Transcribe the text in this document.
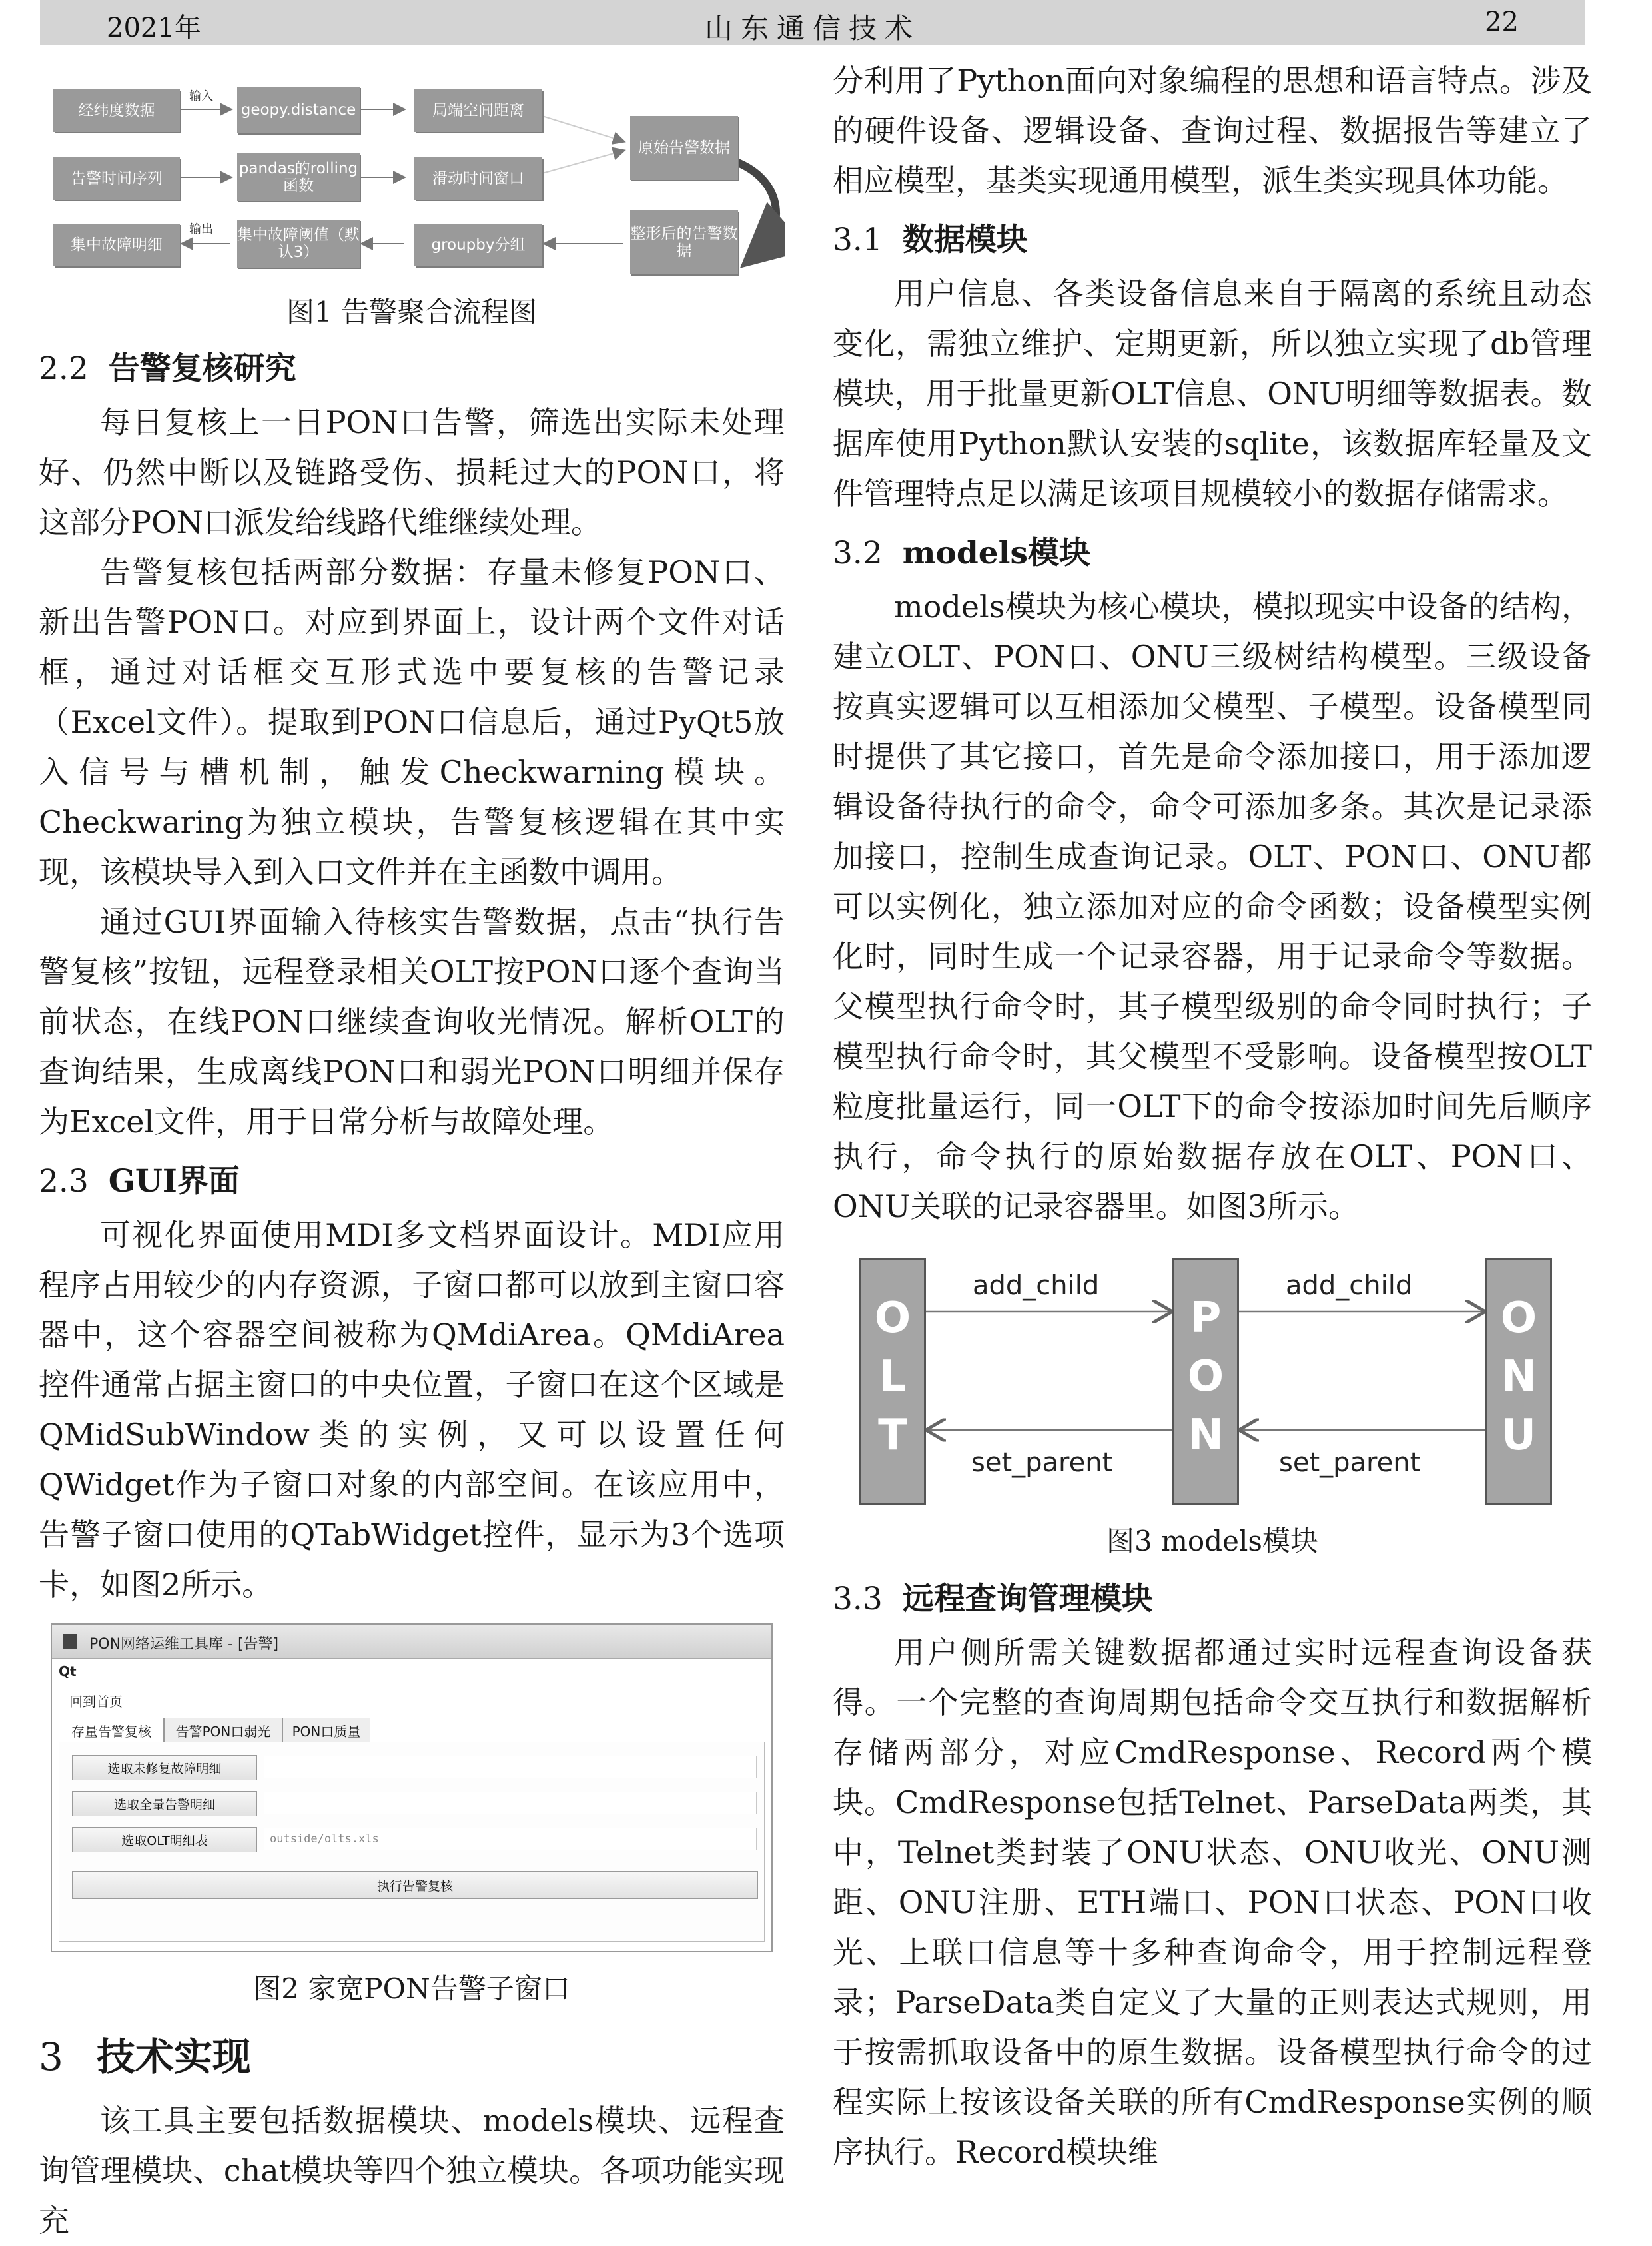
山东通信技术
2021年	22
经纬度数据
输入
geopy.distance	局端空间距离
告警时间序列
pandas的rolling函数	滑动时间窗口
原始告警数据
集中故障明细
输出 集中故障阈值（默认3）	groupby分组
整形后的告警数据
图1 告警聚合流程图
2.2 告警复核研究

每日复核上一日PON口告警，筛选出实际未处理好、仍然中断以及链路受伤、损耗过大的PON口，将这部分PON口派发给线路代维继续处理。

告警复核包括两部分数据：存量未修复PON口、新出告警PON口。对应到界面上，设计两个文件对话框，通过对话框交互形式选中要复核的告警记录（Excel文件）。提取到PON口信息后，通过PyQt5放入信号与槽机制，触发Checkwarning模块。Checkwaring为独立模块，告警复核逻辑在其中实现，该模块导入到入口文件并在主函数中调用。

通过GUI界面输入待核实告警数据，点击“执行告警复核”按钮，远程登录相关OLT按PON口逐个查询当前状态，在线PON口继续查询收光情况。解析OLT的查询结果，生成离线PON口和弱光PON口明细并保存为Excel文件，用于日常分析与故障处理。

2.3 GUI界面

可视化界面使用MDI多文档界面设计。MDI应用程序占用较少的内存资源，子窗口都可以放到主窗口容器中，这个容器空间被称为QMdiArea。QMdiArea控件通常占据主窗口的中央位置，子窗口在这个区域是QMidSubWindow类的实例，又可以设置任何QWidget作为子窗口对象的内部空间。在该应用中，告警子窗口使用的QTabWidget控件，显示为3个选项卡，如图2所示。

PON网络运维工具库 - [告警]
Qt
回到首页
存量告警复核	告警PON口弱光	PON口质量
选取未修复故障明细
选取全量告警明细
选取OLT明细表	outside/olts.xls
执行告警复核
图2 家宽PON告警子窗口
3 技术实现

该工具主要包括数据模块、models模块、远程查询管理模块、chat模块等四个独立模块。各项功能实现充

分利用了Python面向对象编程的思想和语言特点。涉及的硬件设备、逻辑设备、查询过程、数据报告等建立了相应模型，基类实现通用模型，派生类实现具体功能。

3.1 数据模块

用户信息、各类设备信息来自于隔离的系统且动态变化，需独立维护、定期更新，所以独立实现了db管理模块，用于批量更新OLT信息、ONU明细等数据表。数据库使用Python默认安装的sqlite，该数据库轻量及文件管理特点足以满足该项目规模较小的数据存储需求。

3.2 models模块

models模块为核心模块，模拟现实中设备的结构，建立OLT、PON口、ONU三级树结构模型。三级设备按真实逻辑可以互相添加父模型、子模型。设备模型同时提供了其它接口，首先是命令添加接口，用于添加逻辑设备待执行的命令，命令可添加多条。其次是记录添加接口，控制生成查询记录。OLT、PON口、ONU都可以实例化，独立添加对应的命令函数；设备模型实例化时，同时生成一个记录容器，用于记录命令等数据。父模型执行命令时，其子模型级别的命令同时执行；子模型执行命令时，其父模型不受影响。设备模型按OLT粒度批量运行，同一OLT下的命令按添加时间先后顺序执行，命令执行的原始数据存放在OLT、PON口、ONU关联的记录容器里。如图3所示。

OLT	PON	ONU
add_child	add_child
set_parent	set_parent
图3 models模块
3.3 远程查询管理模块

用户侧所需关键数据都通过实时远程查询设备获得。一个完整的查询周期包括命令交互执行和数据解析存储两部分，对应CmdResponse、Record两个模块。CmdResponse包括Telnet、ParseData两类，其中，Telnet类封装了ONU状态、ONU收光、ONU测距、ONU注册、ETH端口、PON口状态、PON口收光、上联口信息等十多种查询命令，用于控制远程登录；ParseData类自定义了大量的正则表达式规则，用于按需抓取设备中的原生数据。设备模型执行命令的过程实际上按该设备关联的所有CmdResponse实例的顺序执行。Record模块维
